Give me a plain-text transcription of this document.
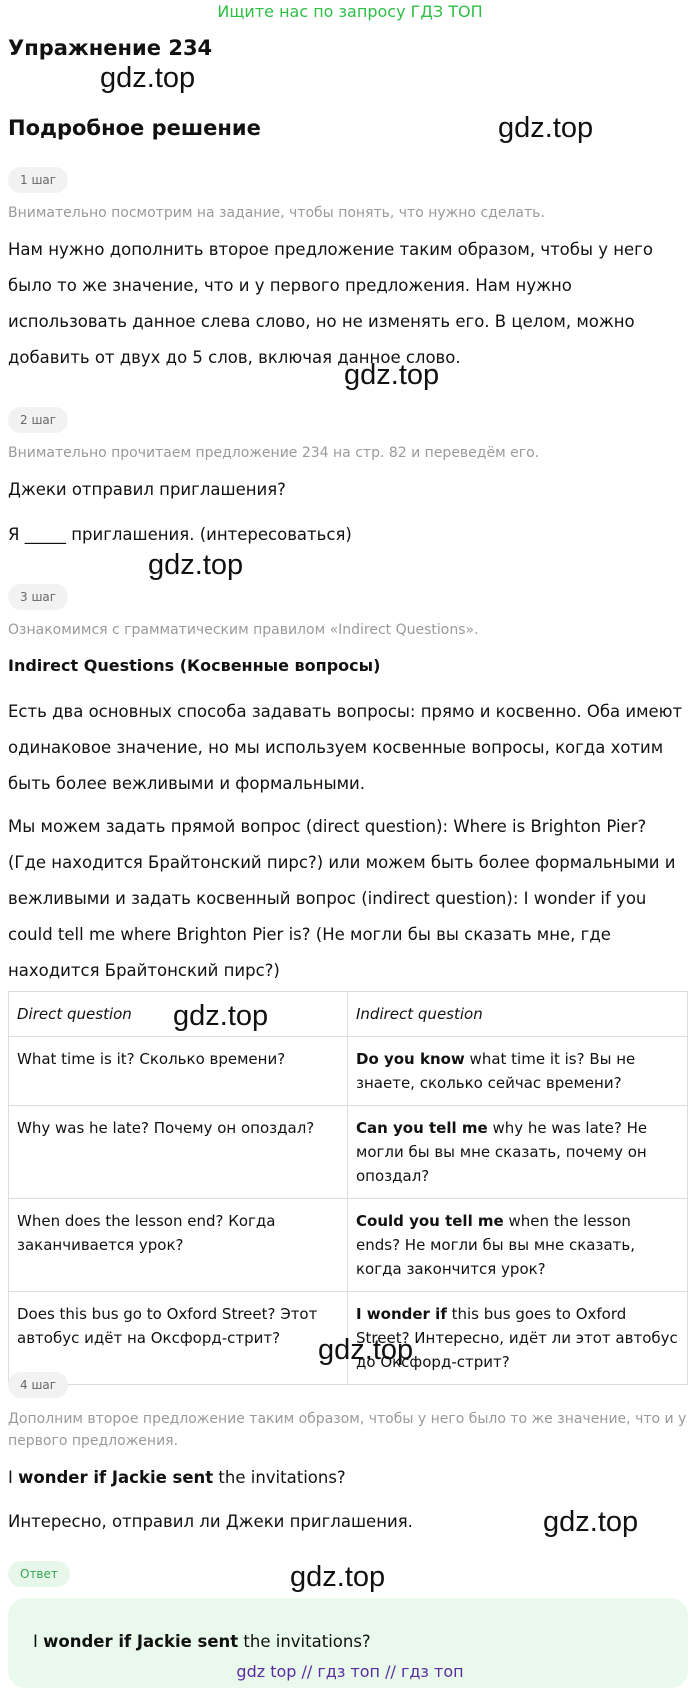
Ищите нас по запросу ГДЗ ТОП
Упражнение 234
gdz.top
Подробное решение	gdz.top
1 шаг
Внимательно посмотрим на задание, чтобы понять, что нужно сделать.
Нам нужно дополнить второе предложение таким образом, чтобы у него было то же значение, что и у первого предложения. Нам нужно использовать данное слева слово, но не изменять его. В целом, можно добавить от двух до 5 слов, включая данное слово.
gdz.top
2 шаг
Внимательно прочитаем предложение 234 на стр. 82 и переведём его.
Джеки отправил приглашения?
Я _____ приглашения. (интересоваться)
gdz.top
3 шаг
Ознакомимся с грамматическим правилом «Indirect Questions».
Indirect Questions (Косвенные вопросы)
Есть два основных способа задавать вопросы: прямо и косвенно. Оба имеют одинаковое значение, но мы используем косвенные вопросы, когда хотим быть более вежливыми и формальными.
Мы можем задать прямой вопрос (direct question): Where is Brighton Pier? (Где находится Брайтонский пирс?) или можем быть более формальными и вежливыми и задать косвенный вопрос (indirect question): I wonder if you could tell me where Brighton Pier is? (Не могли бы вы сказать мне, где находится Брайтонский пирс?)
Direct question	Indirect question
What time is it? Сколько времени?	Do you know what time it is? Вы не знаете, сколько сейчас времени?
Why was he late? Почему он опоздал?	Can you tell me why he was late? Не могли бы вы мне сказать, почему он опоздал?
When does the lesson end? Когда заканчивается урок?	Could you tell me when the lesson ends? Не могли бы вы мне сказать, когда закончится урок?
Does this bus go to Oxford Street? Этот автобус идёт на Оксфорд-стрит?	I wonder if this bus goes to Oxford Street? Интересно, идёт ли этот автобус до Оксфорд-стрит?
gdz.top
gdz.top
4 шаг
Дополним второе предложение таким образом, чтобы у него было то же значение, что и у первого предложения.
I wonder if Jackie sent the invitations?
Интересно, отправил ли Джеки приглашения.	gdz.top
Ответ	gdz.top
I wonder if Jackie sent the invitations?
gdz top // гдз топ // гдз топ
